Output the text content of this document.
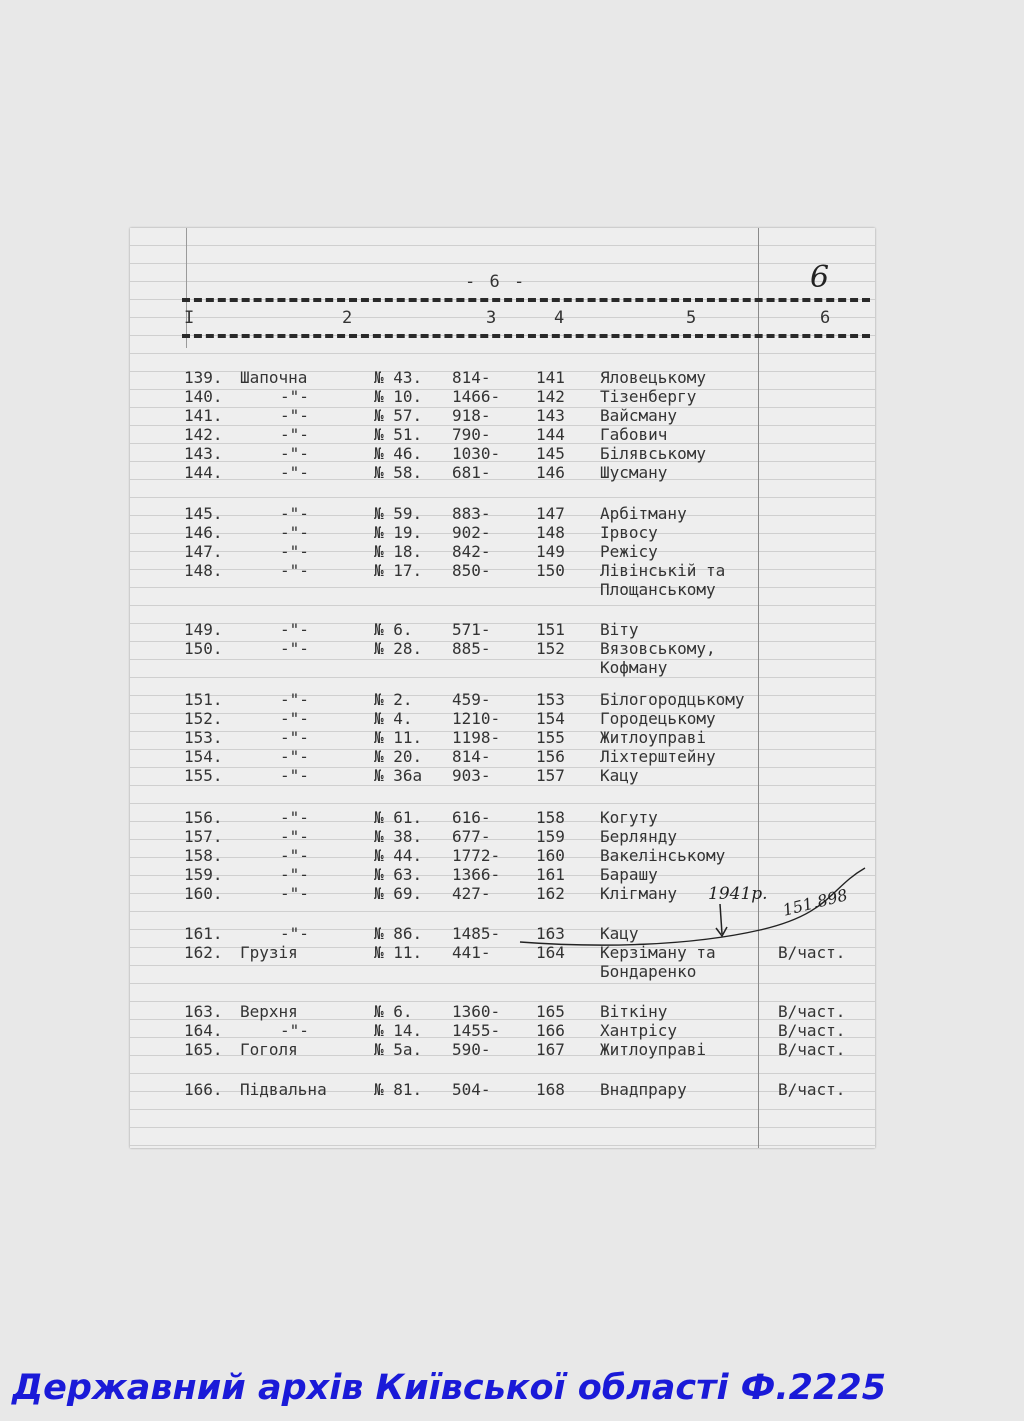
- 6 -	6
I	2	3	4	5	6
139. Шапочна	№ 43. 814-	141 Яловецькому
140.	-"-	№ 10. 1466- 142 Тізенбергу
141.	-"-	№ 57. 918-	143 Вайсману
142.	-"-	№ 51. 790-	144 Габович
143.	-"-	№ 46. 1030- 145 Білявському
144.	-"-	№ 58. 681-	146 Шусману
145.	-"-	№ 59. 883-	147 Арбітману
146.	-"-	№ 19. 902-	148 Ірвосу
147.	-"-	№ 18. 842-	149 Режісу
148.	-"-	№ 17. 850-	150 Лівінській та
Площанському
149.	-"-	№ 6. 571-	151 Віту
150.	-"-	№ 28. 885-	152 Вязовському,
Кофману
151.	-"-	№ 2. 459-	153 Білогородцькому
152.	-"-	№ 4. 1210- 154 Городецькому
153.	-"-	№ 11. 1198- 155 Житлоуправі
154.	-"-	№ 20. 814-	156 Ліхтерштейну
155.	-"-	№ 36а 903-	157 Кацу
156.	-"-	№ 61. 616-	158 Когуту
157.	-"-	№ 38. 677-	159 Берлянду
158.	-"-	№ 44. 1772- 160 Вакелінському
159.	-"-	№ 63. 1366- 161 Барашу
160.	-"-	№ 69. 427-	162 Клігману
161.	-"-	№ 86. 1485- 163 Кацу
162. Грузія	№ 11. 441-	164 Керзіману та	В/част.
Бондаренко
163. Верхня	№ 6. 1360- 165 Віткіну	В/част.
164.	-"-	№ 14. 1455- 166 Хантрісу	В/част.
165. Гоголя	№ 5а. 590-	167 Житлоуправі	В/част.
166. Підвальна	№ 81. 504-	168 Внадпрару	В/част.
1941р. 151.898
Державний архів Київської області Ф.2225
